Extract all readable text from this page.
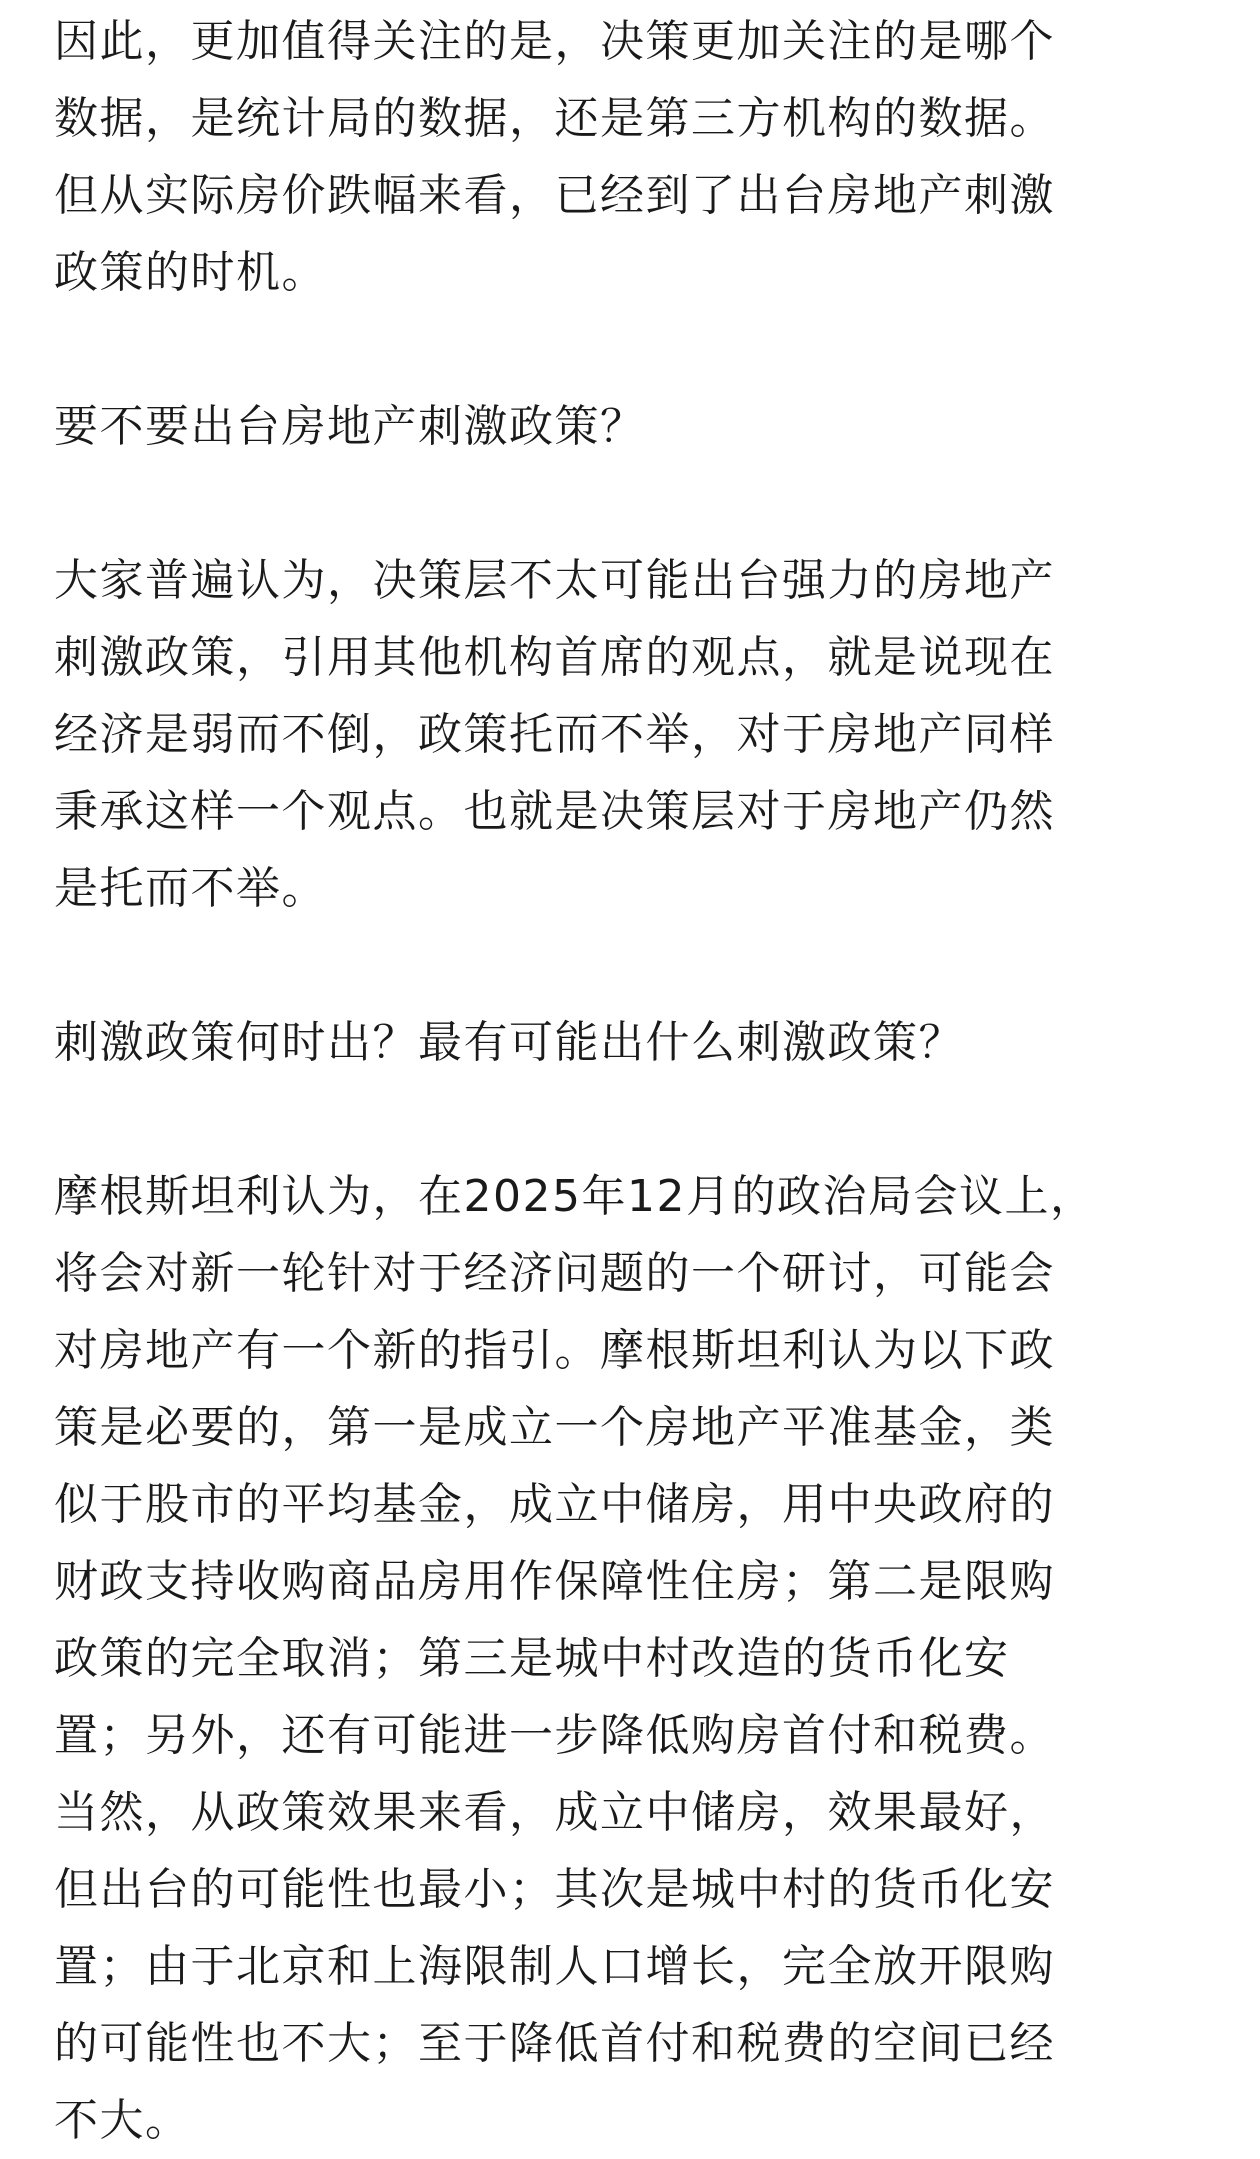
因此，更加值得关注的是，决策更加关注的是哪个
数据，是统计局的数据，还是第三方机构的数据。
但从实际房价跌幅来看，已经到了出台房地产刺激
政策的时机。

要不要出台房地产刺激政策？

大家普遍认为，决策层不太可能出台强力的房地产
刺激政策，引用其他机构首席的观点，就是说现在
经济是弱而不倒，政策托而不举，对于房地产同样
秉承这样一个观点。也就是决策层对于房地产仍然
是托而不举。

刺激政策何时出？最有可能出什么刺激政策？

摩根斯坦利认为，在2025年12月的政治局会议上，
将会对新一轮针对于经济问题的一个研讨，可能会
对房地产有一个新的指引。摩根斯坦利认为以下政
策是必要的，第一是成立一个房地产平准基金，类
似于股市的平均基金，成立中储房，用中央政府的
财政支持收购商品房用作保障性住房；第二是限购
政策的完全取消；第三是城中村改造的货币化安
置；另外，还有可能进一步降低购房首付和税费。
当然，从政策效果来看，成立中储房，效果最好，
但出台的可能性也最小；其次是城中村的货币化安
置；由于北京和上海限制人口增长，完全放开限购
的可能性也不大；至于降低首付和税费的空间已经
不大。
